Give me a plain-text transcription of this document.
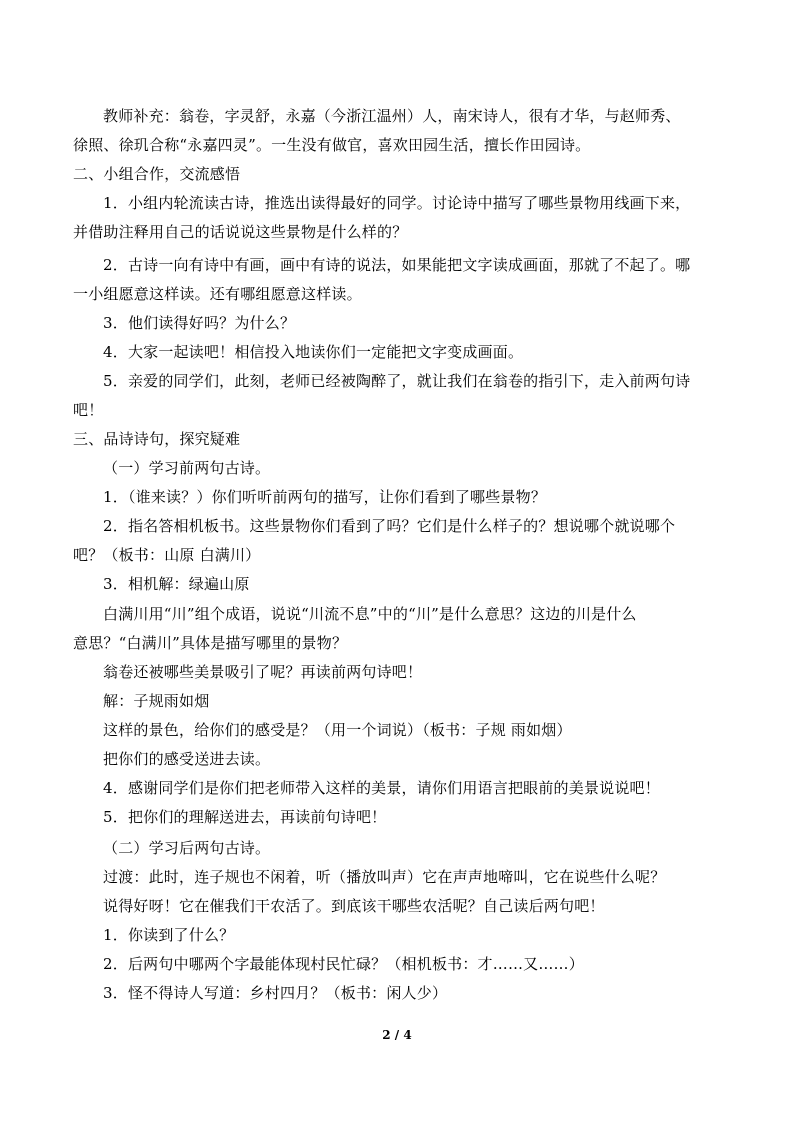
教师补充：翁卷，字灵舒，永嘉（今浙江温州）人，南宋诗人，很有才华，与赵师秀、
徐照、徐玑合称“永嘉四灵”。一生没有做官，喜欢田园生活，擅长作田园诗。
二、小组合作，交流感悟
1．小组内轮流读古诗，推选出读得最好的同学。讨论诗中描写了哪些景物用线画下来，
并借助注释用自己的话说说这些景物是什么样的？
2．古诗一向有诗中有画，画中有诗的说法，如果能把文字读成画面，那就了不起了。哪
一小组愿意这样读。还有哪组愿意这样读。
3．他们读得好吗？为什么？
4．大家一起读吧！相信投入地读你们一定能把文字变成画面。
5．亲爱的同学们，此刻，老师已经被陶醉了，就让我们在翁卷的指引下，走入前两句诗
吧！
三、品诗诗句，探究疑难
（一）学习前两句古诗。
1．（谁来读？）你们听听前两句的描写，让你们看到了哪些景物？
2．指名答相机板书。这些景物你们看到了吗？它们是什么样子的？想说哪个就说哪个
吧？（板书：山原 白满川）
3．相机解：绿遍山原
白满川用“川”组个成语，说说“川流不息”中的“川”是什么意思？这边的川是什么
意思？“白满川”具体是描写哪里的景物？
翁卷还被哪些美景吸引了呢？再读前两句诗吧！
解：子规雨如烟
这样的景色，给你们的感受是？（用一个词说）（板书：子规 雨如烟）
把你们的感受送进去读。
4．感谢同学们是你们把老师带入这样的美景，请你们用语言把眼前的美景说说吧！
5．把你们的理解送进去，再读前句诗吧！
（二）学习后两句古诗。
过渡：此时，连子规也不闲着，听（播放叫声）它在声声地啼叫，它在说些什么呢？
说得好呀！它在催我们干农活了。到底该干哪些农活呢？自己读后两句吧！
1．你读到了什么？
2．后两句中哪两个字最能体现村民忙碌？（相机板书：才……又……）
3．怪不得诗人写道：乡村四月？（板书：闲人少）
2 / 4
